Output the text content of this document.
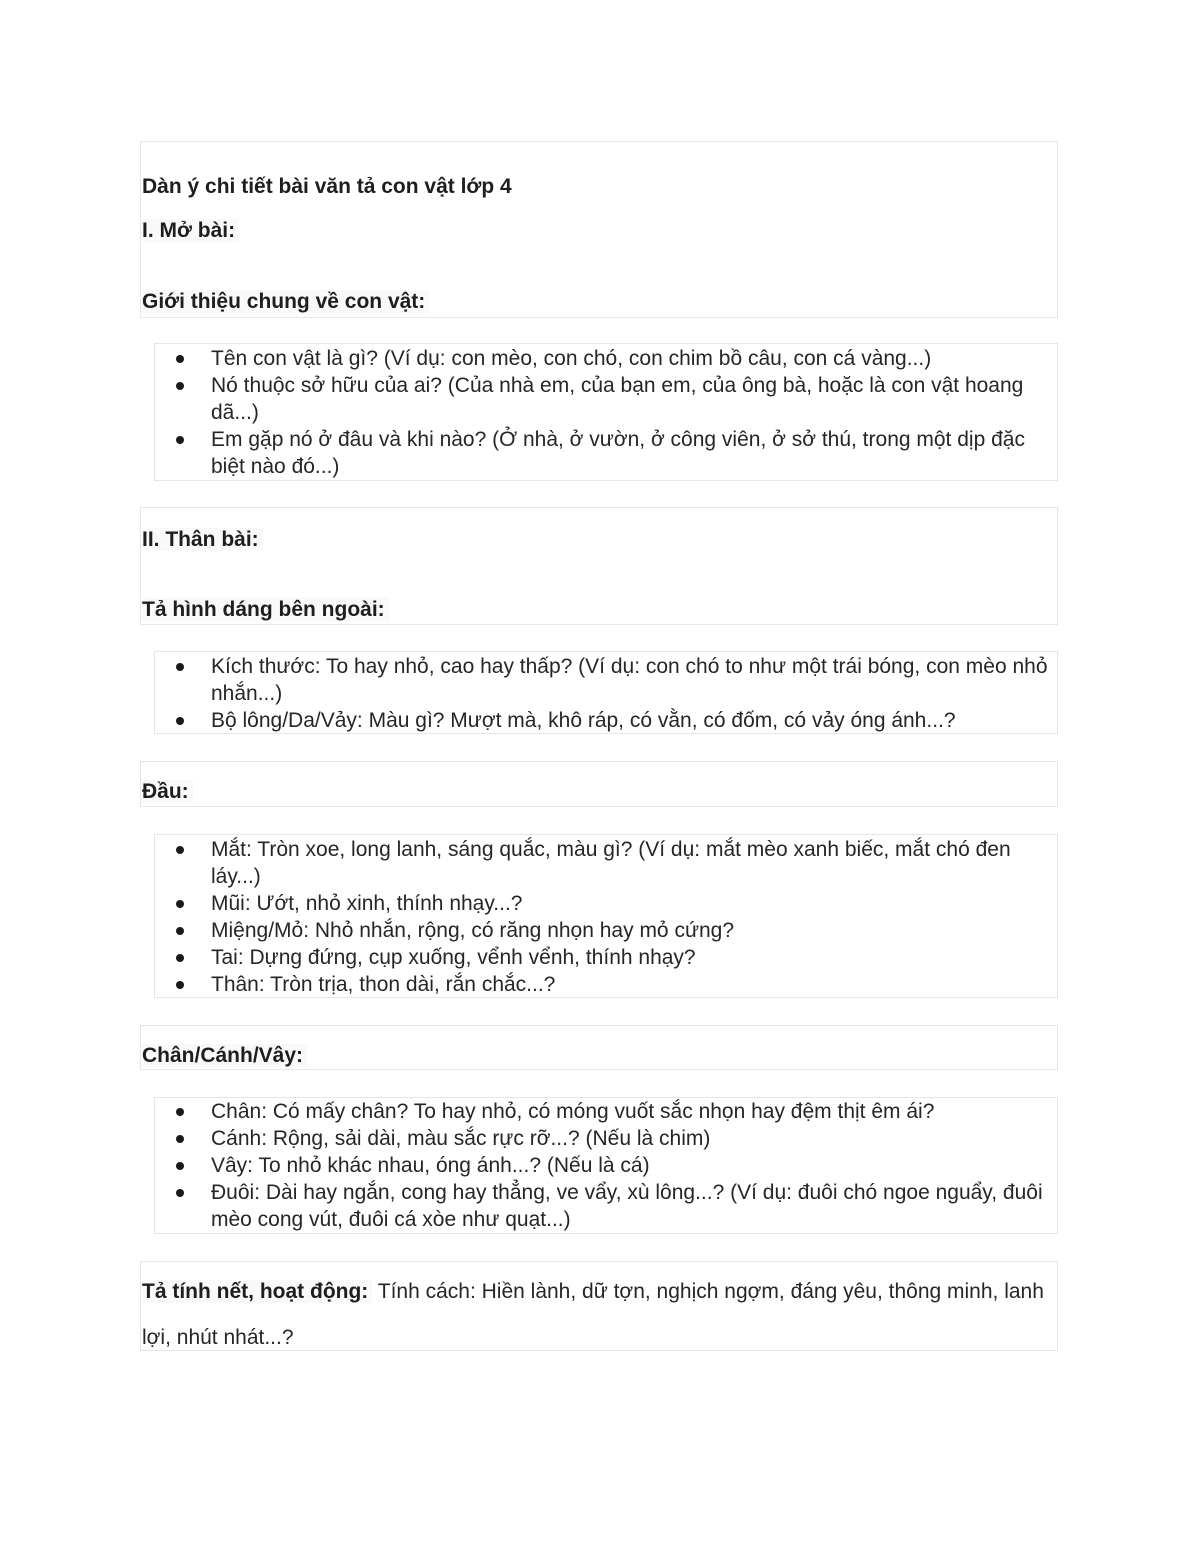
Dàn ý chi tiết bài văn tả con vật lớp 4
I. Mở bài:
Giới thiệu chung về con vật:
Tên con vật là gì? (Ví dụ: con mèo, con chó, con chim bồ câu, con cá vàng...)
Nó thuộc sở hữu của ai? (Của nhà em, của bạn em, của ông bà, hoặc là con vật hoang dã...)
Em gặp nó ở đâu và khi nào? (Ở nhà, ở vườn, ở công viên, ở sở thú, trong một dịp đặc biệt nào đó...)
II. Thân bài:
Tả hình dáng bên ngoài:
Kích thước: To hay nhỏ, cao hay thấp? (Ví dụ: con chó to như một trái bóng, con mèo nhỏ nhắn...)
Bộ lông/Da/Vảy: Màu gì? Mượt mà, khô ráp, có vằn, có đốm, có vảy óng ánh...?
Đầu:
Mắt: Tròn xoe, long lanh, sáng quắc, màu gì? (Ví dụ: mắt mèo xanh biếc, mắt chó đen láy...)
Mũi: Ướt, nhỏ xinh, thính nhạy...?
Miệng/Mỏ: Nhỏ nhắn, rộng, có răng nhọn hay mỏ cứng?
Tai: Dựng đứng, cụp xuống, vểnh vểnh, thính nhạy?
Thân: Tròn trịa, thon dài, rắn chắc...?
Chân/Cánh/Vây:
Chân: Có mấy chân? To hay nhỏ, có móng vuốt sắc nhọn hay đệm thịt êm ái?
Cánh: Rộng, sải dài, màu sắc rực rỡ...? (Nếu là chim)
Vây: To nhỏ khác nhau, óng ánh...? (Nếu là cá)
Đuôi: Dài hay ngắn, cong hay thẳng, ve vẩy, xù lông...? (Ví dụ: đuôi chó ngoe nguẩy, đuôi mèo cong vút, đuôi cá xòe như quạt...)

Tả tính nết, hoạt động: Tính cách: Hiền lành, dữ tợn, nghịch ngợm, đáng yêu, thông minh, lanh lợi, nhút nhát...?
